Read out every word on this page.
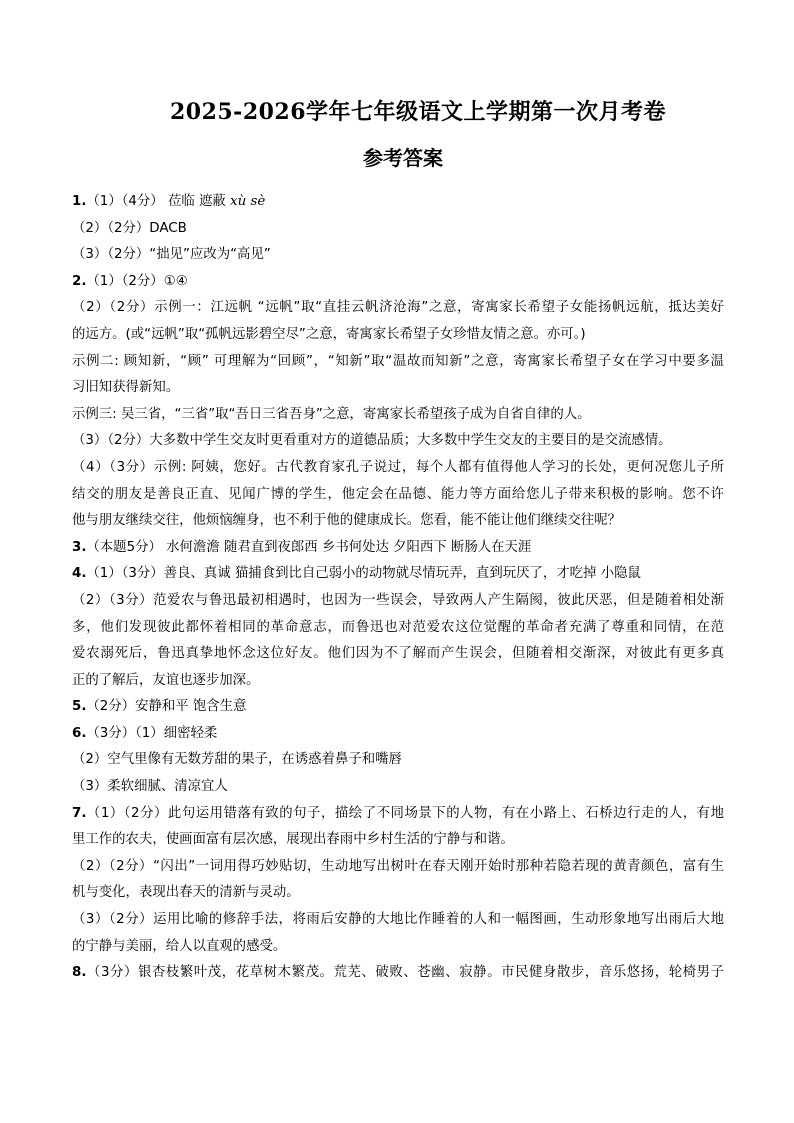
2025-2026学年七年级语文上学期第一次月考卷
参考答案
1.（1）（4分） 莅临 遮蔽 xù sè
（2）（2分）DACB
（3）（2分）“拙见”应改为“高见”
2.（1）（2分）①④
（2）（2分）示例一：江远帆 “远帆”取“直挂云帆济沧海”之意，寄寓家长希望子女能扬帆远航，抵达美好
的远方。(或“远帆”取“孤帆远影碧空尽”之意，寄寓家长希望子女珍惜友情之意。亦可。)
示例二: 顾知新，“顾” 可理解为“回顾”，“知新”取“温故而知新”之意，寄寓家长希望子女在学习中要多温
习旧知获得新知。
示例三: 吴三省，“三省”取“吾日三省吾身”之意，寄寓家长希望孩子成为自省自律的人。
（3）（2分）大多数中学生交友时更看重对方的道德品质；大多数中学生交友的主要目的是交流感情。
（4）（3分）示例: 阿姨，您好。古代教育家孔子说过，每个人都有值得他人学习的长处，更何况您儿子所
结交的朋友是善良正直、见闻广博的学生，他定会在品德、能力等方面给您儿子带来积极的影响。您不许
他与朋友继续交往，他烦恼缠身，也不利于他的健康成长。您看，能不能让他们继续交往呢？
3.（本题5分） 水何澹澹 随君直到夜郎西 乡书何处达 夕阳西下 断肠人在天涯
4.（1）（3分）善良、真诚 猫捕食到比自己弱小的动物就尽情玩弄，直到玩厌了，才吃掉 小隐鼠
（2）（3分）范爱农与鲁迅最初相遇时，也因为一些误会，导致两人产生隔阂，彼此厌恶，但是随着相处渐
多，他们发现彼此都怀着相同的革命意志，而鲁迅也对范爱农这位觉醒的革命者充满了尊重和同情，在范
爱农溺死后，鲁迅真挚地怀念这位好友。他们因为不了解而产生误会，但随着相交渐深，对彼此有更多真
正的了解后，友谊也逐步加深。
5.（2分）安静和平 饱含生意
6.（3分）（1）细密轻柔
（2）空气里像有无数芳甜的果子，在诱惑着鼻子和嘴唇
（3）柔软细腻、清凉宜人
7.（1）（2分）此句运用错落有致的句子，描绘了不同场景下的人物，有在小路上、石桥边行走的人，有地
里工作的农夫，使画面富有层次感，展现出春雨中乡村生活的宁静与和谐。
（2）（2分）“闪出”一词用得巧妙贴切，生动地写出树叶在春天刚开始时那种若隐若现的黄青颜色，富有生
机与变化，表现出春天的清新与灵动。
（3）（2分）运用比喻的修辞手法，将雨后安静的大地比作睡着的人和一幅图画，生动形象地写出雨后大地
的宁静与美丽，给人以直观的感受。
8.（3分）银杏枝繁叶茂，花草树木繁茂。荒芜、破败、苍幽、寂静。市民健身散步，音乐悠扬，轮椅男子
